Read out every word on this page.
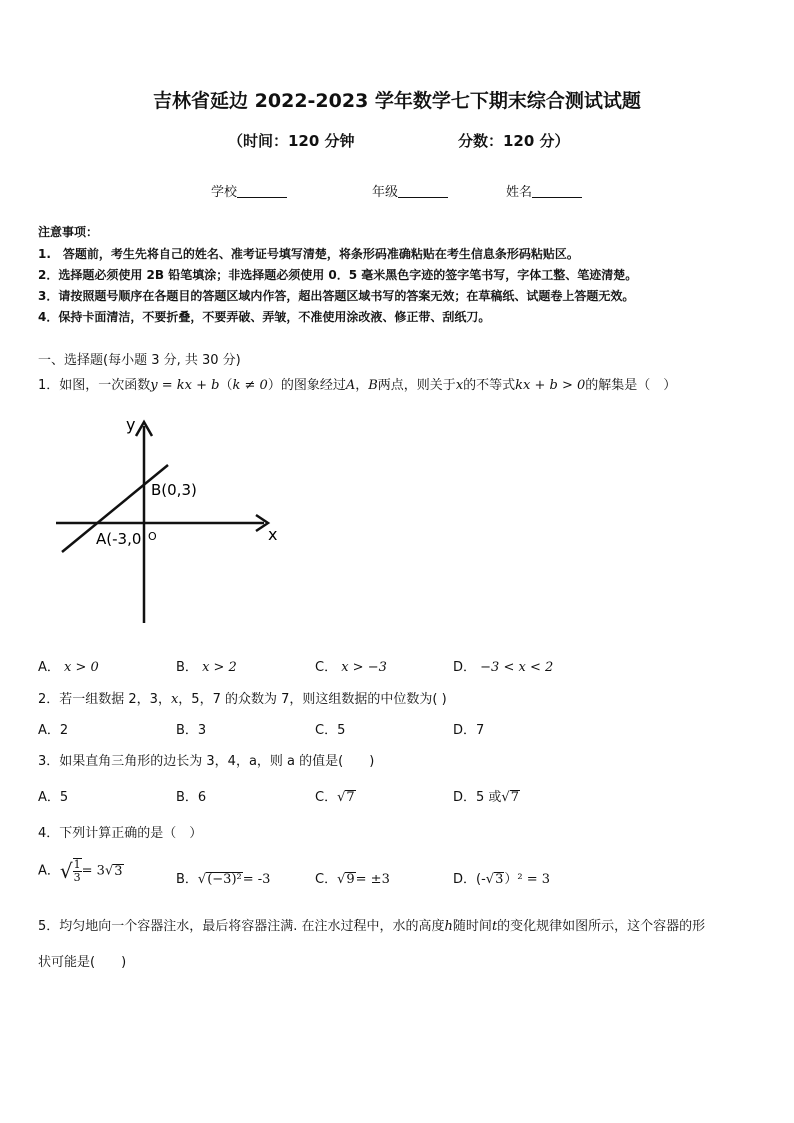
吉林省延边 2022-2023 学年数学七下期末综合测试试题
（时间：120 分钟	分数：120 分）
学校	年级	姓名
注意事项：
1.　答题前，考生先将自己的姓名、准考证号填写清楚，将条形码准确粘贴在考生信息条形码粘贴区。
2．选择题必须使用 2B 铅笔填涂；非选择题必须使用 0．5 毫米黑色字迹的签字笔书写，字体工整、笔迹清楚。
3．请按照题号顺序在各题目的答题区域内作答，超出答题区域书写的答案无效；在草稿纸、试题卷上答题无效。
4．保持卡面清洁，不要折叠，不要弄破、弄皱，不准使用涂改液、修正带、刮纸刀。
一、选择题(每小题 3 分, 共 30 分)
1．如图，一次函数y = kx + b（k ≠ 0）的图象经过A，B两点，则关于x的不等式kx + b > 0的解集是（　）
y
x
O
A(-3,0
B(0,3)
A． x > 0	B． x > 2	C． x > −3	D． −3 < x < 2
2．若一组数据 2，3，x，5，7 的众数为 7，则这组数据的中位数为( )
A．2	B．3	C．5	D．7
3．如果直角三角形的边长为 3，4，a，则 a 的值是(　　)
A．5	B．6	C．√7	D．5 或√7
4．下列计算正确的是（　）
A．√ $\frac{1}{3} = 3√3$
B．√(−3)²= -3	C．√9= ±3	D．(-√3）² = 3
5．均匀地向一个容器注水，最后将容器注满. 在注水过程中，水的高度h随时间t的变化规律如图所示，这个容器的形
状可能是(　　)
